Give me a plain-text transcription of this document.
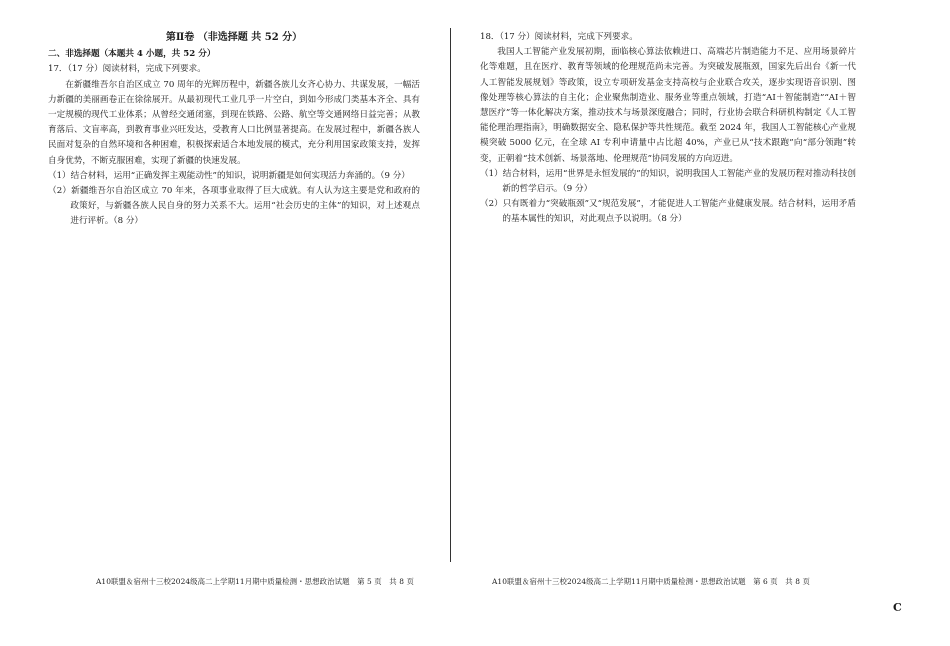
第Ⅱ卷 （非选择题 共 52 分）
二、非选择题（本题共 4 小题，共 52 分）
17．（17 分）阅读材料，完成下列要求。

在新疆维吾尔自治区成立 70 周年的光辉历程中，新疆各族儿女齐心协力、共谋发展，一幅活力新疆的美丽画卷正在徐徐展开。从最初现代工业几乎一片空白，到如今形成门类基本齐全、具有一定规模的现代工业体系；从曾经交通闭塞，到现在铁路、公路、航空等交通网络日益完善；从教育落后、文盲率高，到教育事业兴旺发达，受教育人口比例显著提高。在发展过程中，新疆各族人民面对复杂的自然环境和各种困难，积极探索适合本地发展的模式，充分利用国家政策支持，发挥自身优势，不断克服困难，实现了新疆的快速发展。

（1）结合材料，运用“正确发挥主观能动性”的知识，说明新疆是如何实现活力奔涌的。（9 分）

（2）新疆维吾尔自治区成立 70 年来，各项事业取得了巨大成就。有人认为这主要是党和政府的政策好，与新疆各族人民自身的努力关系不大。运用“社会历史的主体”的知识，对上述观点进行评析。（8 分）

18．（17 分）阅读材料，完成下列要求。

我国人工智能产业发展初期，面临核心算法依赖进口、高端芯片制造能力不足、应用场景碎片化等难题，且在医疗、教育等领域的伦理规范尚未完善。为突破发展瓶颈，国家先后出台《新一代人工智能发展规划》等政策，设立专项研发基金支持高校与企业联合攻关，逐步实现语音识别、图像处理等核心算法的自主化；企业聚焦制造业、服务业等重点领域，打造“AI＋智能制造”“AI＋智慧医疗”等一体化解决方案，推动技术与场景深度融合；同时，行业协会联合科研机构制定《人工智能伦理治理指南》，明确数据安全、隐私保护等共性规范。截至 2024 年，我国人工智能核心产业规模突破 5000 亿元，在全球 AI 专利申请量中占比超 40%，产业已从“技术跟跑”向“部分领跑”转变，正朝着“技术创新、场景落地、伦理规范”协同发展的方向迈进。

（1）结合材料，运用“世界是永恒发展的”的知识，说明我国人工智能产业的发展历程对推动科技创新的哲学启示。（9 分）

（2）只有既着力“突破瓶颈”又“规范发展”，才能促进人工智能产业健康发展。结合材料，运用矛盾的基本属性的知识，对此观点予以说明。（8 分）

A10联盟＆宿州十三校2024级高二上学期11月期中质量检测・思想政治试题　第 5 页　共 8 页	A10联盟＆宿州十三校2024级高二上学期11月期中质量检测・思想政治试题　第 6 页　共 8 页
C
